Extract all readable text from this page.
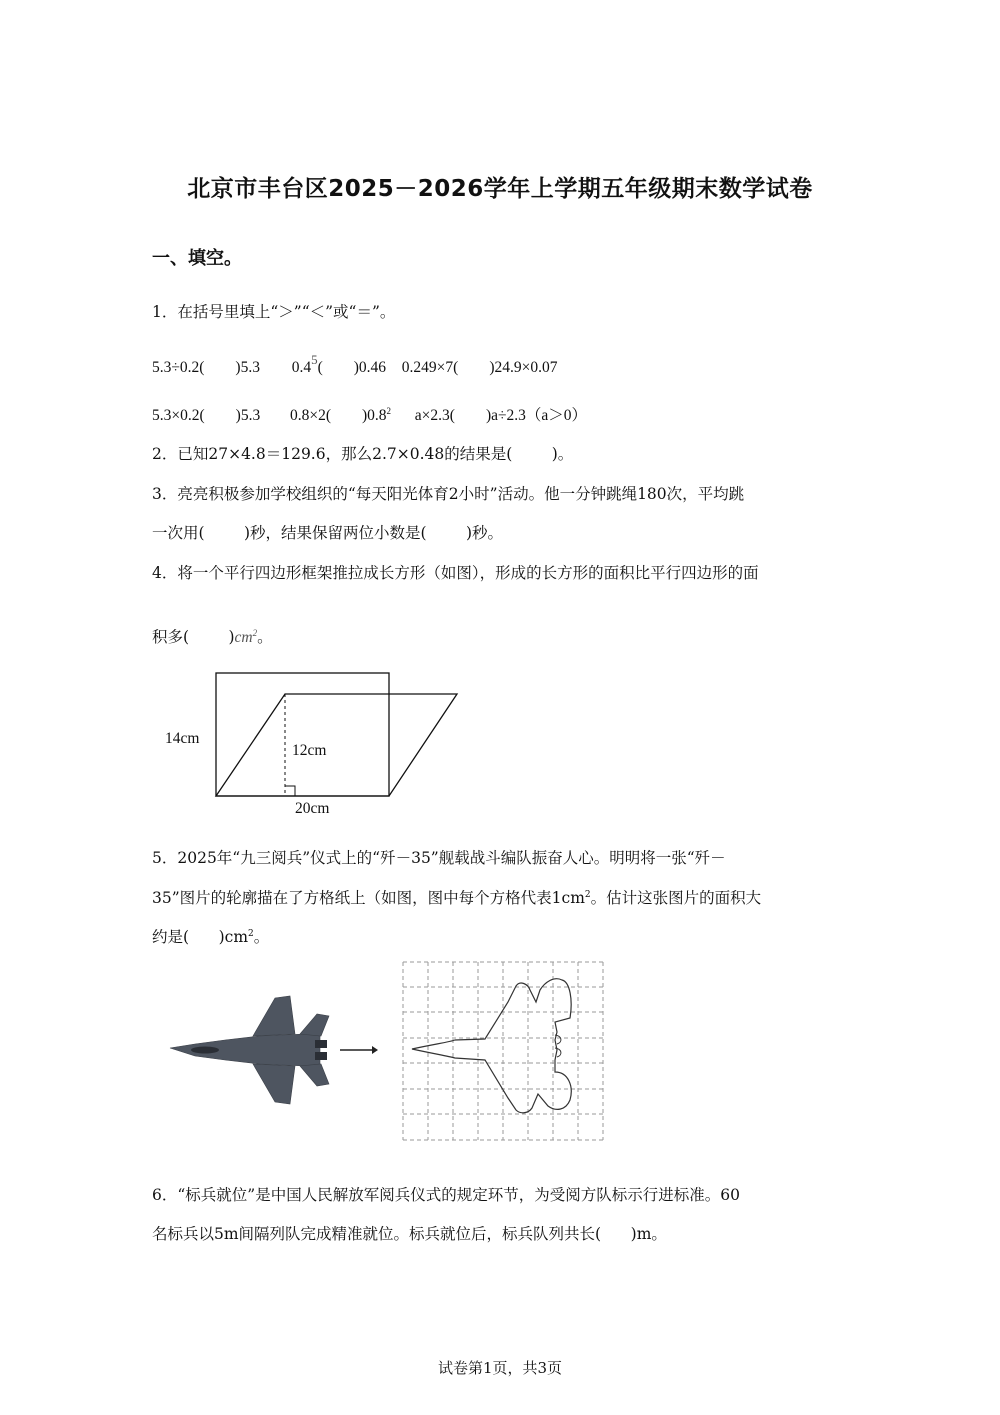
北京市丰台区2025－2026学年上学期五年级期末数学试卷
一、填空。
1．在括号里填上“＞”“＜”或“＝”。
5.3÷0.2(        )5.3 0.45(        )0.46 0.249×7(        )24.9×0.07
5.3×0.2(        )5.3 0.8×2(        )$0.8^2$ a×2.3(        )a÷2.3（a＞0）
2．已知27×4.8＝129.6，那么2.7×0.48的结果是(        )。
3．亮亮积极参加学校组织的“每天阳光体育2小时”活动。他一分钟跳绳180次，平均跳
一次用(        )秒，结果保留两位小数是(        )秒。
4．将一个平行四边形框架推拉成长方形（如图），形成的长方形的面积比平行四边形的面
积多(        )$cm^2$。
14cm
12cm
20cm
5．2025年“九三阅兵”仪式上的“歼－35”舰载战斗编队振奋人心。明明将一张“歼－
35”图片的轮廓描在了方格纸上（如图，图中每个方格代表$1cm^2$。估计这张图片的面积大
约是(      )$cm^2$。
6．“标兵就位”是中国人民解放军阅兵仪式的规定环节，为受阅方队标示行进标准。60
名标兵以5m间隔列队完成精准就位。标兵就位后，标兵队列共长(      )m。
试卷第1页，共3页
